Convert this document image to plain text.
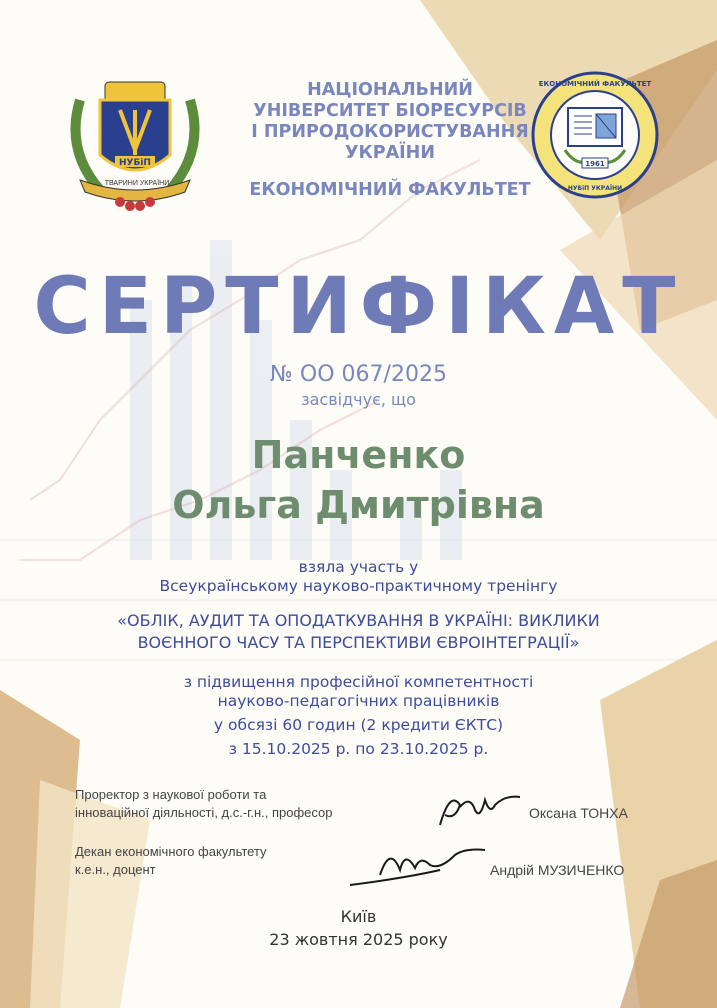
НУБіП
ТВАРИНИ УКРАЇНИ
НАЦІОНАЛЬНИЙ
УНІВЕРСИТЕТ БІОРЕСУРСІВ
І ПРИРОДОКОРИСТУВАННЯ
УКРАЇНИ
ЕКОНОМІЧНИЙ ФАКУЛЬТЕТ
1961
ЕКОНОМІЧНИЙ ФАКУЛЬТЕТ
НУБіП УКРАЇНИ
СЕРТИФІКАТ
№ ОО 067/2025
засвідчує, що
Панченко
Ольга Дмитрівна
взяла участь у
Всеукраїнському науково-практичному тренінгу
«ОБЛІК, АУДИТ ТА ОПОДАТКУВАННЯ В УКРАЇНІ: ВИКЛИКИ
ВОЄННОГО ЧАСУ ТА ПЕРСПЕКТИВИ ЄВРОІНТЕГРАЦІЇ»
з підвищення професійної компетентності
науково-педагогічних працівників
у обсязі 60 годин (2 кредити ЄКТС)
з 15.10.2025 р. по 23.10.2025 р.
Проректор з наукової роботи та
інноваційної діяльності, д.с.-г.н., професор	Оксана ТОНХА
Декан економічного факультету
к.е.н., доцент	Андрій МУЗИЧЕНКО
Київ
23 жовтня 2025 року
